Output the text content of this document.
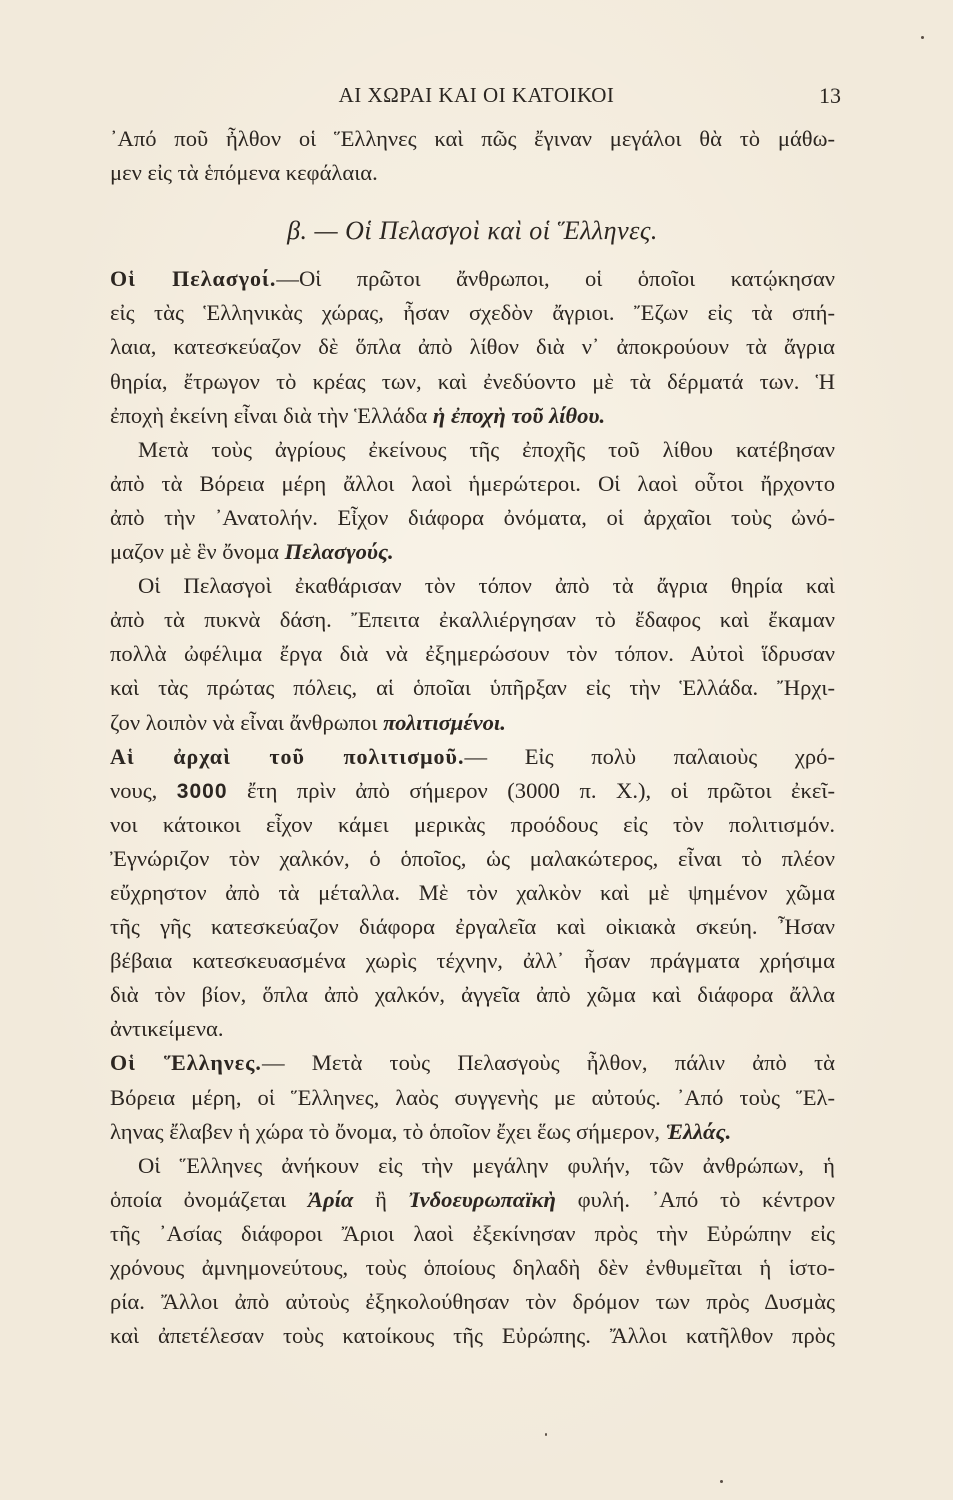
ΑΙ ΧΩΡΑΙ ΚΑΙ ΟΙ ΚΑΤΟΙΚΟΙ	13
᾿Από ποῦ ἦλθον οἱ Ἕλληνες καὶ πῶς ἔγιναν μεγάλοι θὰ τὸ μάθω-
μεν εἰς τὰ ἑπόμενα κεφάλαια.
β. — Οἱ Πελασγοὶ καὶ οἱ Ἕλληνες.
Οἱ Πελασγοί.—Οἱ πρῶτοι ἄνθρωποι, οἱ ὁποῖοι κατῴκησαν
εἰς τὰς Ἑλληνικὰς χώρας, ἦσαν σχεδὸν ἄγριοι. Ἔζων εἰς τὰ σπή-
λαια, κατεσκεύαζον δὲ ὅπλα ἀπὸ λίθον διὰ ν᾿ ἀποκρούουν τὰ ἄγρια
θηρία, ἔτρωγον τὸ κρέας των, καὶ ἐνεδύοντο μὲ τὰ δέρματά των. Ἡ
ἐποχὴ ἐκείνη εἶναι διὰ τὴν Ἑλλάδα ἡ ἐποχὴ τοῦ λίθου.
Μετὰ τοὺς ἀγρίους ἐκείνους τῆς ἐποχῆς τοῦ λίθου κατέβησαν
ἀπὸ τὰ Βόρεια μέρη ἄλλοι λαοὶ ἡμερώτεροι. Οἱ λαοὶ οὗτοι ἤρχοντο
ἀπὸ τὴν ᾿Ανατολήν. Εἶχον διάφορα ὀνόματα, οἱ ἀρχαῖοι τοὺς ὠνό-
μαζον μὲ ἓν ὄνομα Πελασγούς.
Οἱ Πελασγοὶ ἐκαθάρισαν τὸν τόπον ἀπὸ τὰ ἄγρια θηρία καὶ
ἀπὸ τὰ πυκνὰ δάση. Ἔπειτα ἐκαλλιέργησαν τὸ ἔδαφος καὶ ἔκαμαν
πολλὰ ὠφέλιμα ἔργα διὰ νὰ ἐξημερώσουν τὸν τόπον. Αὐτοὶ ἵδρυσαν
καὶ τὰς πρώτας πόλεις, αἱ ὁποῖαι ὑπῆρξαν εἰς τὴν Ἑλλάδα. Ἤρχι-
ζον λοιπὸν νὰ εἶναι ἄνθρωποι πολιτισμένοι.
Αἱ ἀρχαὶ τοῦ πολιτισμοῦ.— Εἰς πολὺ παλαιοὺς χρό-
νους, 3000 ἔτη πρὶν ἀπὸ σήμερον (3000 π. Χ.), οἱ πρῶτοι ἐκεῖ-
νοι κάτοικοι εἶχον κάμει μερικὰς προόδους εἰς τὸν πολιτισμόν.
Ἐγνώριζον τὸν χαλκόν, ὁ ὁποῖος, ὡς μαλακώτερος, εἶναι τὸ πλέον
εὔχρηστον ἀπὸ τὰ μέταλλα. Μὲ τὸν χαλκὸν καὶ μὲ ψημένον χῶμα
τῆς γῆς κατεσκεύαζον διάφορα ἐργαλεῖα καὶ οἰκιακὰ σκεύη. Ἦσαν
βέβαια κατεσκευασμένα χωρὶς τέχνην, ἀλλ᾿ ἦσαν πράγματα χρήσιμα
διὰ τὸν βίον, ὅπλα ἀπὸ χαλκόν, ἀγγεῖα ἀπὸ χῶμα καὶ διάφορα ἄλλα
ἀντικείμενα.
Οἱ Ἕλληνες.— Μετὰ τοὺς Πελασγοὺς ἦλθον, πάλιν ἀπὸ τὰ
Βόρεια μέρη, οἱ Ἕλληνες, λαὸς συγγενὴς με αὐτούς. ᾿Από τοὺς Ἕλ-
ληνας ἔλαβεν ἡ χώρα τὸ ὄνομα, τὸ ὁποῖον ἔχει ἕως σήμερον, Ἑλλάς.
Οἱ Ἕλληνες ἀνήκουν εἰς τὴν μεγάλην φυλήν, τῶν ἀνθρώπων, ἡ
ὁποία ὀνομάζεται Ἀρία ἢ Ἰνδοευρωπαϊκὴ φυλή. ᾿Από τὸ κέντρον
τῆς ᾿Ασίας διάφοροι Ἄριοι λαοὶ ἐξεκίνησαν πρὸς τὴν Εὐρώπην εἰς
χρόνους ἀμνημονεύτους, τοὺς ὁποίους δηλαδὴ δὲν ἐνθυμεῖται ἡ ἱστο-
ρία. Ἄλλοι ἀπὸ αὐτοὺς ἐξηκολούθησαν τὸν δρόμον των πρὸς Δυσμὰς
καὶ ἀπετέλεσαν τοὺς κατοίκους τῆς Εὐρώπης. Ἄλλοι κατῆλθον πρὸς
